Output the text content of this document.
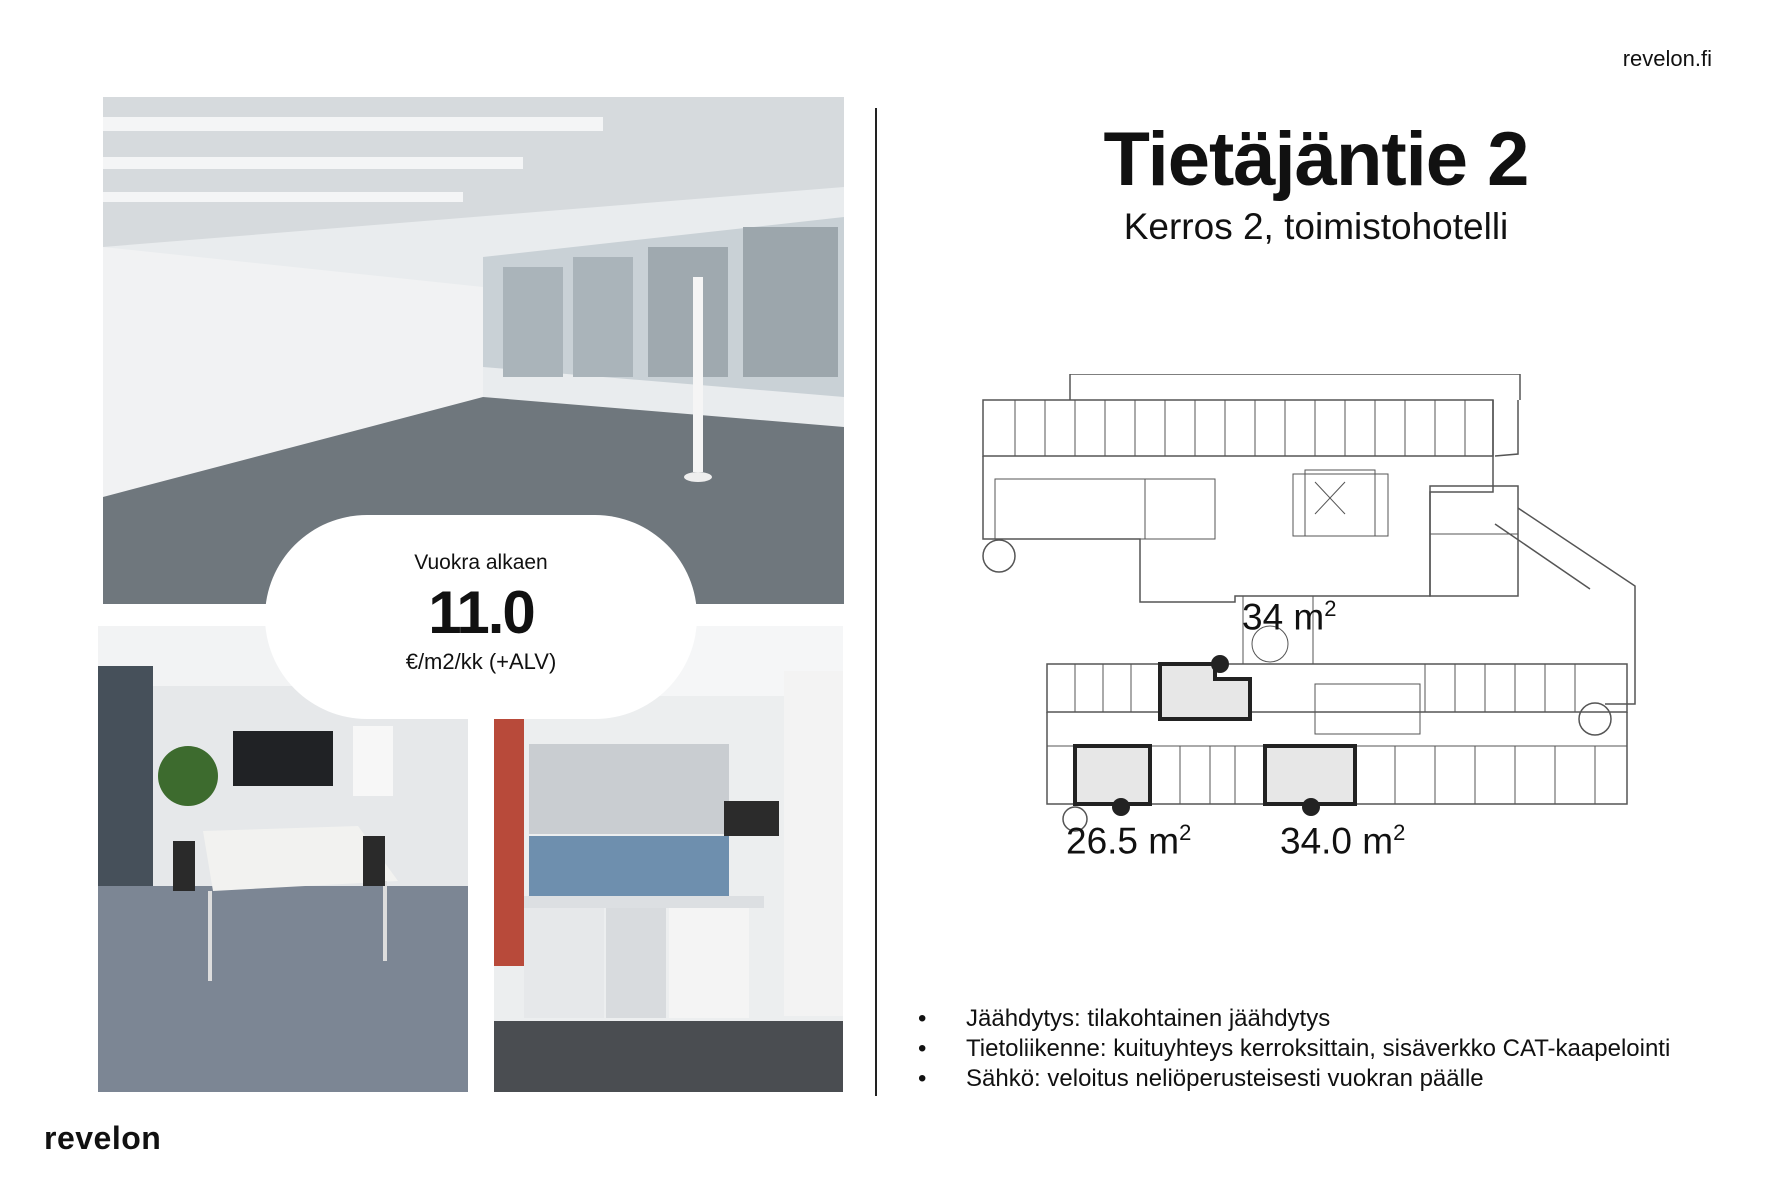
revelon.fi
Vuokra alkaen
11.0
€/m2/kk (+ALV)
Tietäjäntie 2
Kerros 2, toimistohotelli
34 $m^2$
26.5 $m^2$ 34.0 $m^2$
• Jäähdytys: tilakohtainen jäähdytys
• Tietoliikenne: kuituyhteys kerroksittain, sisäverkko CAT-kaapelointi
• Sähkö: veloitus neliöperusteisesti vuokran päälle
revelon
